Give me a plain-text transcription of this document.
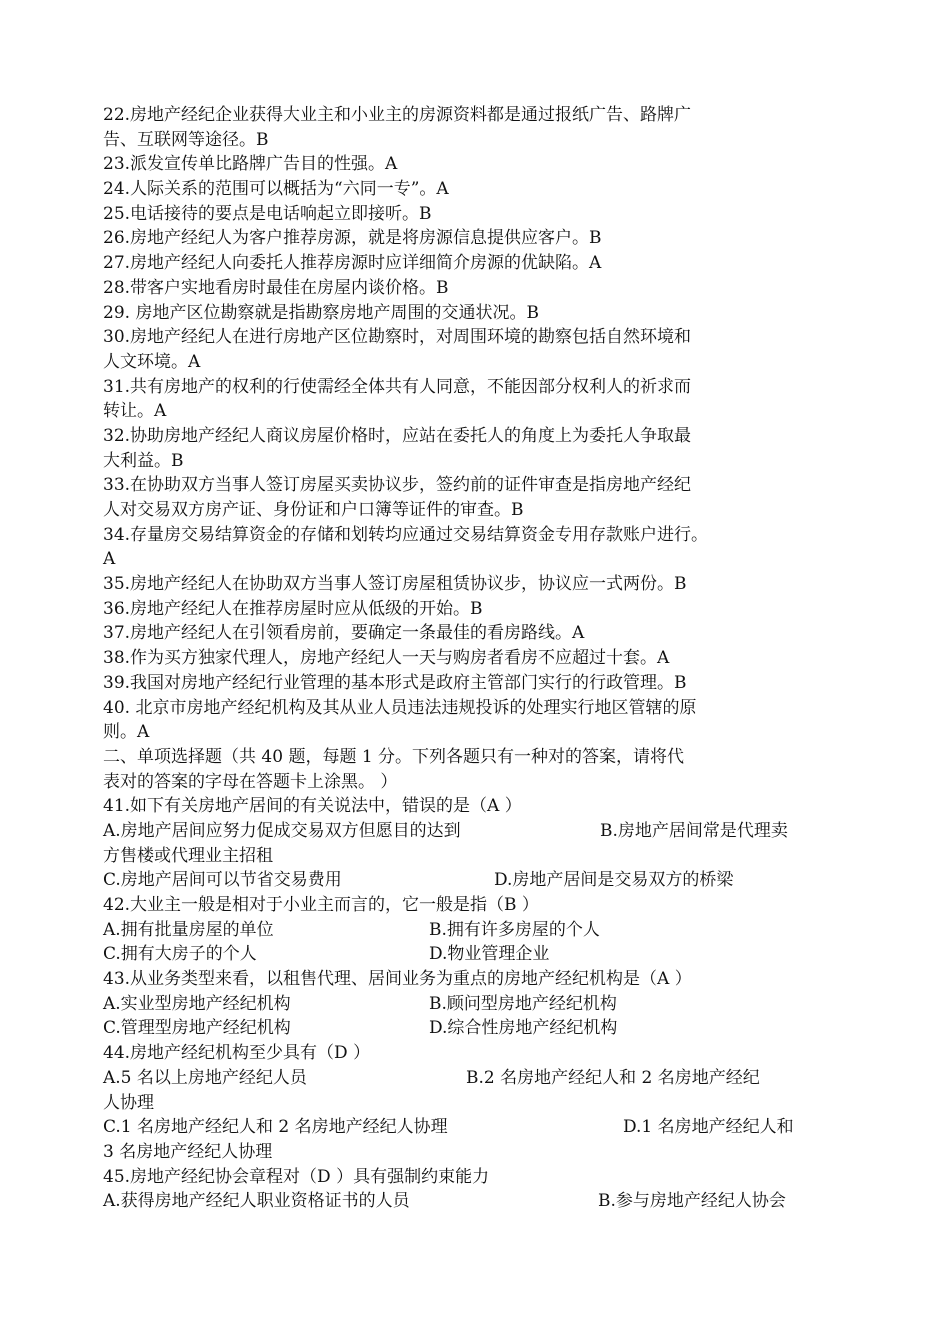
22.房地产经纪企业获得大业主和小业主的房源资料都是通过报纸广告、路牌广
告、互联网等途径。B
23.派发宣传单比路牌广告目的性强。A
24.人际关系的范围可以概括为“六同一专”。A
25.电话接待的要点是电话响起立即接听。B
26.房地产经纪人为客户推荐房源，就是将房源信息提供应客户。B
27.房地产经纪人向委托人推荐房源时应详细简介房源的优缺陷。A
28.带客户实地看房时最佳在房屋内谈价格。B
29. 房地产区位勘察就是指勘察房地产周围的交通状况。B
30.房地产经纪人在进行房地产区位勘察时，对周围环境的勘察包括自然环境和
人文环境。A
31.共有房地产的权利的行使需经全体共有人同意，不能因部分权利人的祈求而
转让。A
32.协助房地产经纪人商议房屋价格时，应站在委托人的角度上为委托人争取最
大利益。B
33.在协助双方当事人签订房屋买卖协议步，签约前的证件审查是指房地产经纪
人对交易双方房产证、身份证和户口簿等证件的审查。B
34.存量房交易结算资金的存储和划转均应通过交易结算资金专用存款账户进行。
A
35.房地产经纪人在协助双方当事人签订房屋租赁协议步，协议应一式两份。B
36.房地产经纪人在推荐房屋时应从低级的开始。B
37.房地产经纪人在引领看房前，要确定一条最佳的看房路线。A
38.作为买方独家代理人，房地产经纪人一天与购房者看房不应超过十套。A
39.我国对房地产经纪行业管理的基本形式是政府主管部门实行的行政管理。B
40. 北京市房地产经纪机构及其从业人员违法违规投诉的处理实行地区管辖的原
则。A
二、单项选择题（共 40 题，每题 1 分。下列各题只有一种对的答案，请将代
表对的答案的字母在答题卡上涂黑。 ）
41.如下有关房地产居间的有关说法中，错误的是（A ）
A.房地产居间应努力促成交易双方但愿目的达到	B.房地产居间常是代理卖
方售楼或代理业主招租
C.房地产居间可以节省交易费用	D.房地产居间是交易双方的桥梁
42.大业主一般是相对于小业主而言的，它一般是指（B ）
A.拥有批量房屋的单位	B.拥有许多房屋的个人
C.拥有大房子的个人	D.物业管理企业
43.从业务类型来看，以租售代理、居间业务为重点的房地产经纪机构是（A ）
A.实业型房地产经纪机构	B.顾问型房地产经纪机构
C.管理型房地产经纪机构	D.综合性房地产经纪机构
44.房地产经纪机构至少具有（D ）
A.5 名以上房地产经纪人员	B.2 名房地产经纪人和 2 名房地产经纪
人协理
C.1 名房地产经纪人和 2 名房地产经纪人协理	D.1 名房地产经纪人和
3 名房地产经纪人协理
45.房地产经纪协会章程对（D ）具有强制约束能力
A.获得房地产经纪人职业资格证书的人员	B.参与房地产经纪人协会
